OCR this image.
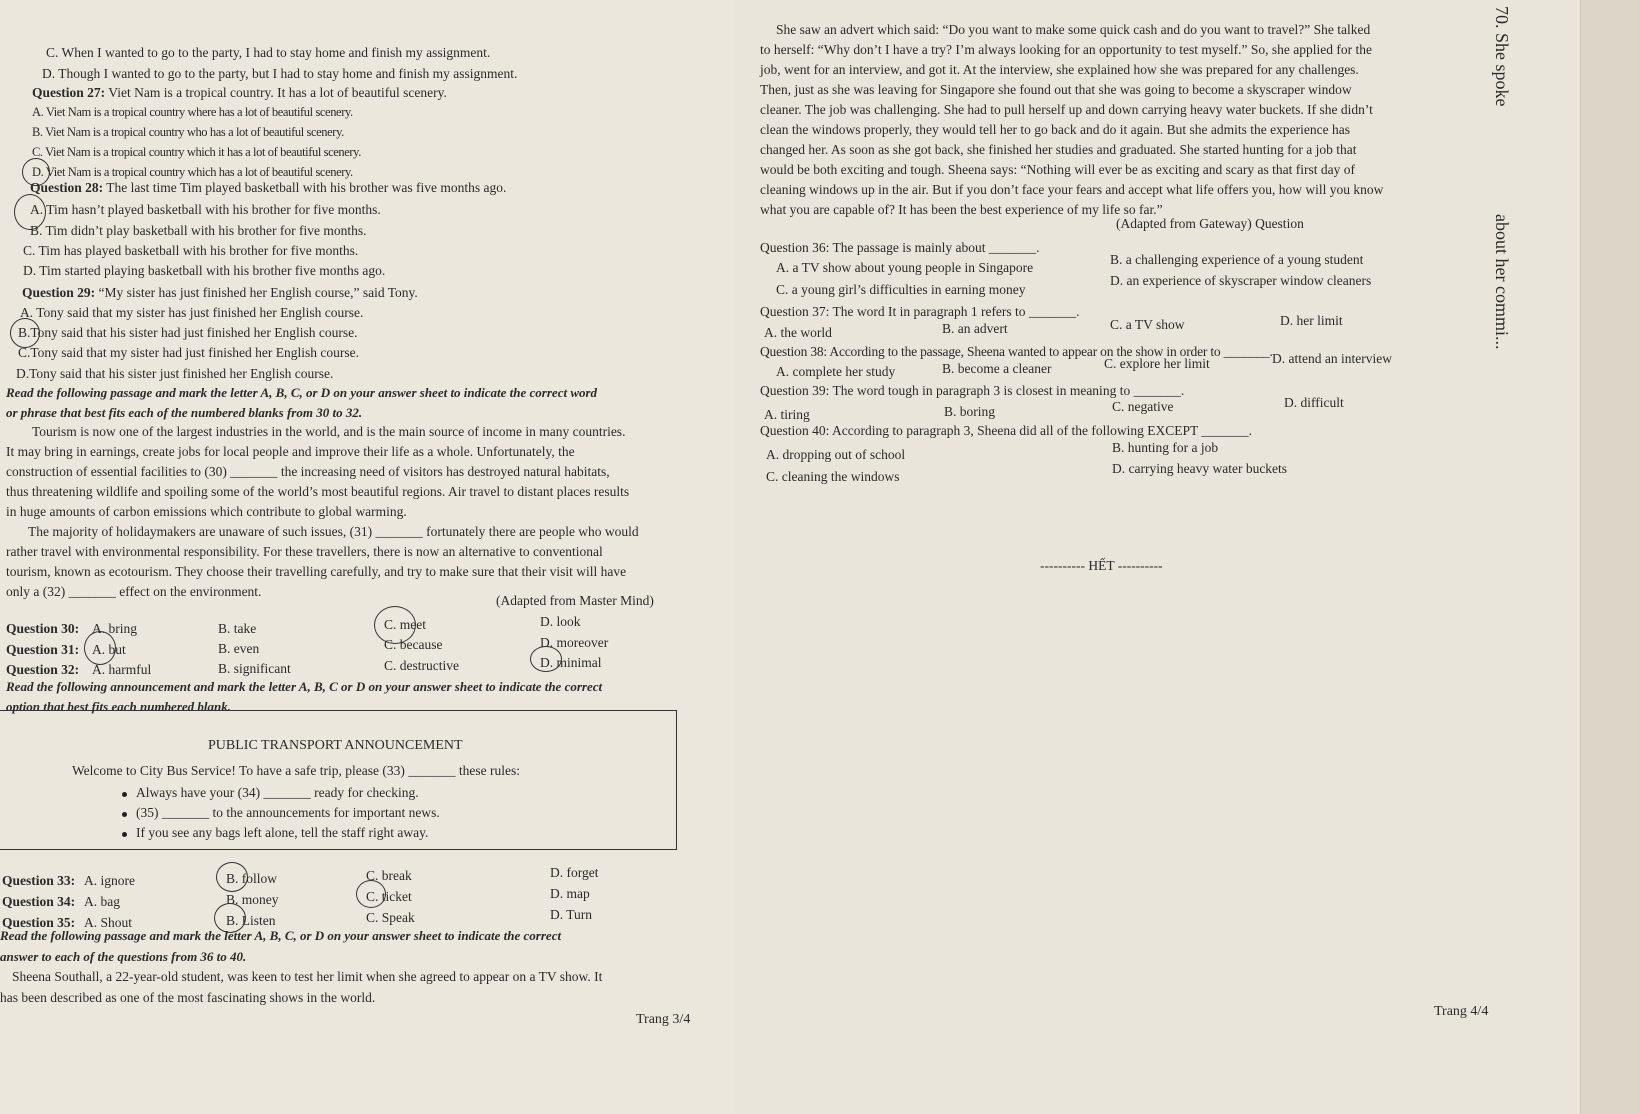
C. When I wanted to go to the party, I had to stay home and finish my assignment.
D. Though I wanted to go to the party, but I had to stay home and finish my assignment.
Question 27: Viet Nam is a tropical country. It has a lot of beautiful scenery.
A. Viet Nam is a tropical country where has a lot of beautiful scenery.
B. Viet Nam is a tropical country who has a lot of beautiful scenery.
C. Viet Nam is a tropical country which it has a lot of beautiful scenery.
D. Viet Nam is a tropical country which has a lot of beautiful scenery.
Question 28: The last time Tim played basketball with his brother was five months ago.
A. Tim hasn’t played basketball with his brother for five months.
B. Tim didn’t play basketball with his brother for five months.
C. Tim has played basketball with his brother for five months.
D. Tim started playing basketball with his brother five months ago.
Question 29: “My sister has just finished her English course,” said Tony.
A. Tony said that my sister has just finished her English course.
B.Tony said that his sister had just finished her English course.
C.Tony said that my sister had just finished her English course.
D.Tony said that his sister just finished her English course.
Read the following passage and mark the letter A, B, C, or D on your answer sheet to indicate the correct word
or phrase that best fits each of the numbered blanks from 30 to 32.
Tourism is now one of the largest industries in the world, and is the main source of income in many countries.
It may bring in earnings, create jobs for local people and improve their life as a whole. Unfortunately, the
construction of essential facilities to (30) _______ the increasing need of visitors has destroyed natural habitats,
thus threatening wildlife and spoiling some of the world’s most beautiful regions. Air travel to distant places results
in huge amounts of carbon emissions which contribute to global warming.
The majority of holidaymakers are unaware of such issues, (31) _______ fortunately there are people who would
rather travel with environmental responsibility. For these travellers, there is now an alternative to conventional
tourism, known as ecotourism. They choose their travelling carefully, and try to make sure that their visit will have
only a (32) _______ effect on the environment.
(Adapted from Master Mind)
Question 30: A. bring	B. take	C. meet	D. look
Question 31: A. but	B. even	C. because	D. moreover
Question 32: A. harmful	B. significant	C. destructive	D. minimal
Read the following announcement and mark the letter A, B, C or D on your answer sheet to indicate the correct
option that best fits each numbered blank.
PUBLIC TRANSPORT ANNOUNCEMENT
Welcome to City Bus Service! To have a safe trip, please (33) _______ these rules:
Always have your (34) _______ ready for checking.
(35) _______ to the announcements for important news.
If you see any bags left alone, tell the staff right away.
Question 33: A. ignore	B. follow	C. break	D. forget
Question 34: A. bag	B. money	C. ticket	D. map
Question 35: A. Shout	B. Listen	C. Speak	D. Turn
Read the following passage and mark the letter A, B, C, or D on your answer sheet to indicate the correct
answer to each of the questions from 36 to 40.
Sheena Southall, a 22-year-old student, was keen to test her limit when she agreed to appear on a TV show. It
has been described as one of the most fascinating shows in the world.
Trang 3/4
She saw an advert which said: “Do you want to make some quick cash and do you want to travel?” She talked
to herself: “Why don’t I have a try? I’m always looking for an opportunity to test myself.” So, she applied for the
job, went for an interview, and got it. At the interview, she explained how she was prepared for any challenges.
Then, just as she was leaving for Singapore she found out that she was going to become a skyscraper window
cleaner. The job was challenging. She had to pull herself up and down carrying heavy water buckets. If she didn’t
clean the windows properly, they would tell her to go back and do it again. But she admits the experience has
changed her. As soon as she got back, she finished her studies and graduated. She started hunting for a job that
would be both exciting and tough. Sheena says: “Nothing will ever be as exciting and scary as that first day of
cleaning windows up in the air. But if you don’t face your fears and accept what life offers you, how will you know
what you are capable of? It has been the best experience of my life so far.”
(Adapted from Gateway) Question
Question 36: The passage is mainly about _______.
A. a TV show about young people in Singapore
B. a challenging experience of a young student
C. a young girl’s difficulties in earning money
D. an experience of skyscraper window cleaners
Question 37: The word It in paragraph 1 refers to _______.
A. the world	B. an advert	C. a TV show	D. her limit
Question 38: According to the passage, Sheena wanted to appear on the show in order to _______.
A. complete her study	B. become a cleaner	C. explore her limit	D. attend an interview
Question 39: The word tough in paragraph 3 is closest in meaning to _______.
A. tiring	B. boring	C. negative	D. difficult
Question 40: According to paragraph 3, Sheena did all of the following EXCEPT _______.
A. dropping out of school	B. hunting for a job
C. cleaning the windows
D. carrying heavy water buckets
---------- HẾT ----------
Trang 4/4
70. She spoke
about her commi...
